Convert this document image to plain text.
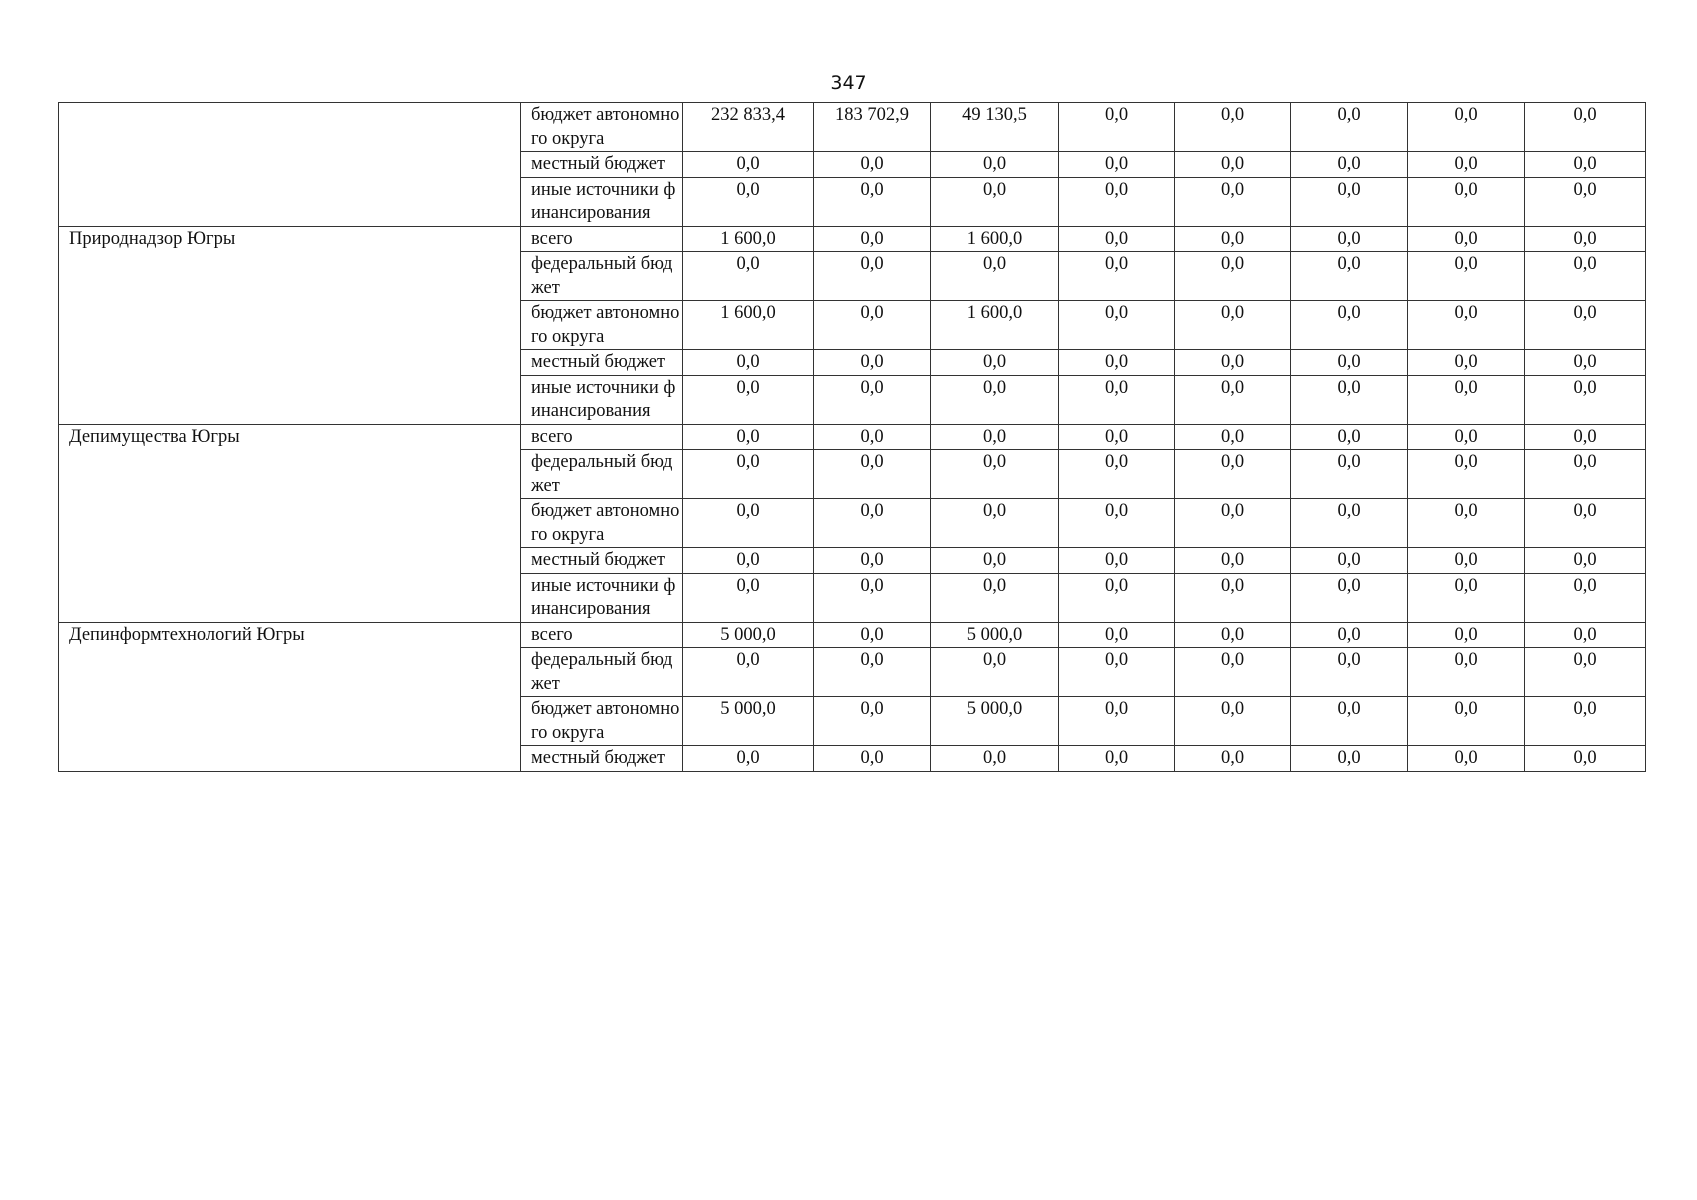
347
	бюджет автономного округа	232 833,4	183 702,9	49 130,5	0,0	0,0	0,0	0,0	0,0
	местный бюджет	0,0	0,0	0,0	0,0	0,0	0,0	0,0	0,0
	иные источники финансирования	0,0	0,0	0,0	0,0	0,0	0,0	0,0	0,0
Природнадзор Югры	всего	1 600,0	0,0	1 600,0	0,0	0,0	0,0	0,0	0,0
	федеральный бюджет	0,0	0,0	0,0	0,0	0,0	0,0	0,0	0,0
	бюджет автономного округа	1 600,0	0,0	1 600,0	0,0	0,0	0,0	0,0	0,0
	местный бюджет	0,0	0,0	0,0	0,0	0,0	0,0	0,0	0,0
	иные источники финансирования	0,0	0,0	0,0	0,0	0,0	0,0	0,0	0,0
Депимущества Югры	всего	0,0	0,0	0,0	0,0	0,0	0,0	0,0	0,0
	федеральный бюджет	0,0	0,0	0,0	0,0	0,0	0,0	0,0	0,0
	бюджет автономного округа	0,0	0,0	0,0	0,0	0,0	0,0	0,0	0,0
	местный бюджет	0,0	0,0	0,0	0,0	0,0	0,0	0,0	0,0
	иные источники финансирования	0,0	0,0	0,0	0,0	0,0	0,0	0,0	0,0
Депинформтехнологий Югры	всего	5 000,0	0,0	5 000,0	0,0	0,0	0,0	0,0	0,0
	федеральный бюджет	0,0	0,0	0,0	0,0	0,0	0,0	0,0	0,0
	бюджет автономного округа	5 000,0	0,0	5 000,0	0,0	0,0	0,0	0,0	0,0
	местный бюджет	0,0	0,0	0,0	0,0	0,0	0,0	0,0	0,0
